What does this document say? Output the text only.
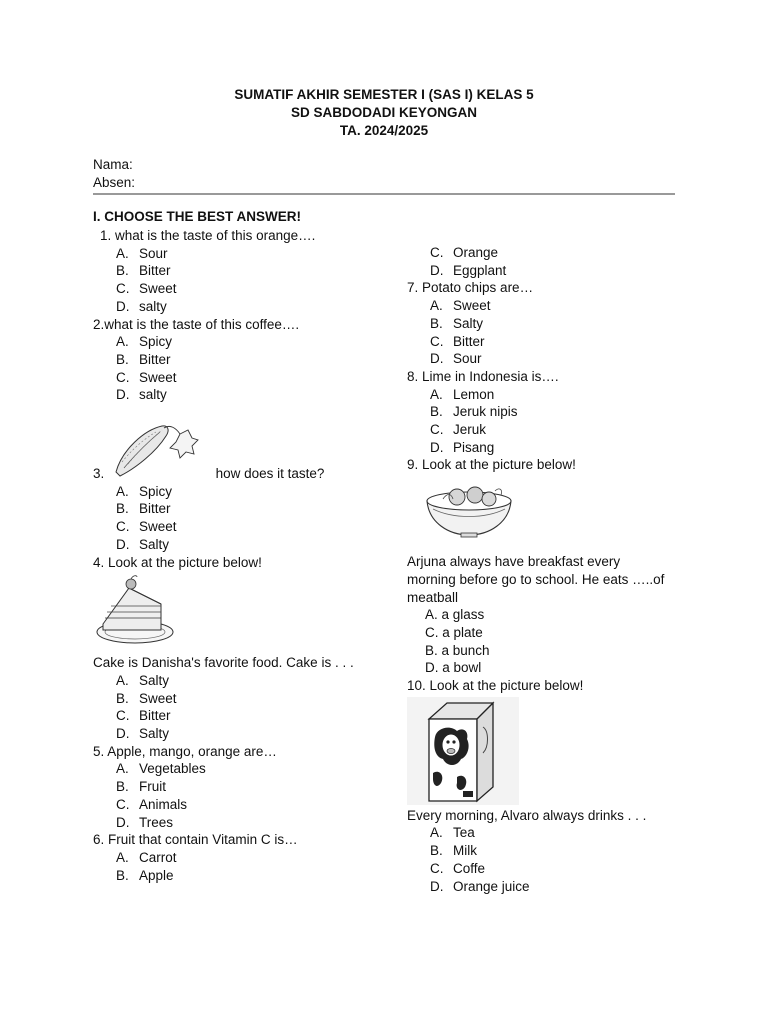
SUMATIF AKHIR SEMESTER I (SAS I) KELAS 5
SD SABDODADI KEYONGAN
TA. 2024/2025
Nama:
Absen:
I. CHOOSE THE BEST ANSWER!
1. what is the taste of this orange….
A. Sour
B. Bitter
C. Sweet
D. salty
2.what is the taste of this coffee….
A. Spicy
B. Bitter
C. Sweet
D. salty
3.	how does it taste?
A. Spicy
B. Bitter
C. Sweet
D. Salty
4. Look at the picture below!
Cake is Danisha's favorite food. Cake is . . .
A. Salty
B. Sweet
C. Bitter
D. Salty
5. Apple, mango, orange are…
A. Vegetables
B. Fruit
C. Animals
D. Trees
6. Fruit that contain Vitamin C is…
A. Carrot
B. Apple
C. Orange
D. Eggplant
7. Potato chips are…
A. Sweet
B. Salty
C. Bitter
D. Sour
8. Lime in Indonesia is….
A. Lemon
B. Jeruk nipis
C. Jeruk
D. Pisang
9. Look at the picture below!
Arjuna always have breakfast every morning before go to school. He eats …..of meatball
A. a glass
C. a plate
B. a bunch
D. a bowl
10. Look at the picture below!
Every morning, Alvaro always drinks . . .
A. Tea
B. Milk
C. Coffe
D. Orange juice
